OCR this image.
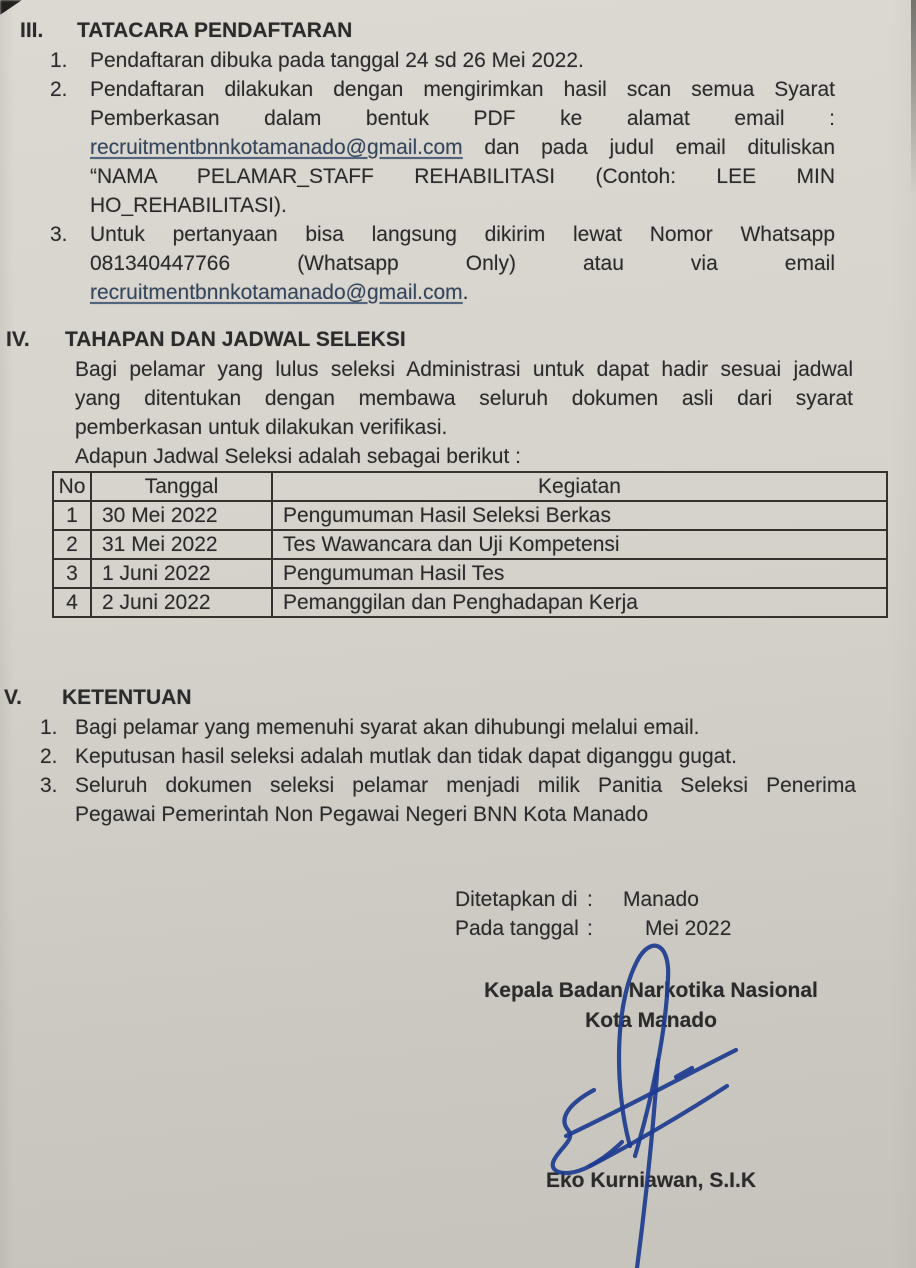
III.	TATACARA PENDAFTARAN
1.	Pendaftaran dibuka pada tanggal 24 sd 26 Mei 2022.
2.	Pendaftaran dilakukan dengan mengirimkan hasil scan semua Syarat
Pemberkasan dalam bentuk PDF ke alamat email :
recruitmentbnnkotamanado@gmail.com dan pada judul email dituliskan
“NAMA PELAMAR_STAFF REHABILITASI (Contoh: LEE MIN
HO_REHABILITASI).
3.	Untuk pertanyaan bisa langsung dikirim lewat Nomor Whatsapp
081340447766 (Whatsapp Only) atau via email
recruitmentbnnkotamanado@gmail.com.
IV.	TAHAPAN DAN JADWAL SELEKSI
Bagi pelamar yang lulus seleksi Administrasi untuk dapat hadir sesuai jadwal
yang ditentukan dengan membawa seluruh dokumen asli dari syarat
pemberkasan untuk dilakukan verifikasi.
Adapun Jadwal Seleksi adalah sebagai berikut :
No	Tanggal	Kegiatan
1	30 Mei 2022	Pengumuman Hasil Seleksi Berkas
2	31 Mei 2022	Tes Wawancara dan Uji Kompetensi
3	1 Juni 2022	Pengumuman Hasil Tes
4	2 Juni 2022	Pemanggilan dan Penghadapan Kerja
V.	KETENTUAN
1. Bagi pelamar yang memenuhi syarat akan dihubungi melalui email.
2. Keputusan hasil seleksi adalah mutlak dan tidak dapat diganggu gugat.
3. Seluruh dokumen seleksi pelamar menjadi milik Panitia Seleksi Penerima
Pegawai Pemerintah Non Pegawai Negeri BNN Kota Manado
Ditetapkan di :	Manado
Pada tanggal :	Mei 2022
Kepala Badan Narkotika Nasional
Kota Manado
Eko Kurniawan, S.I.K
